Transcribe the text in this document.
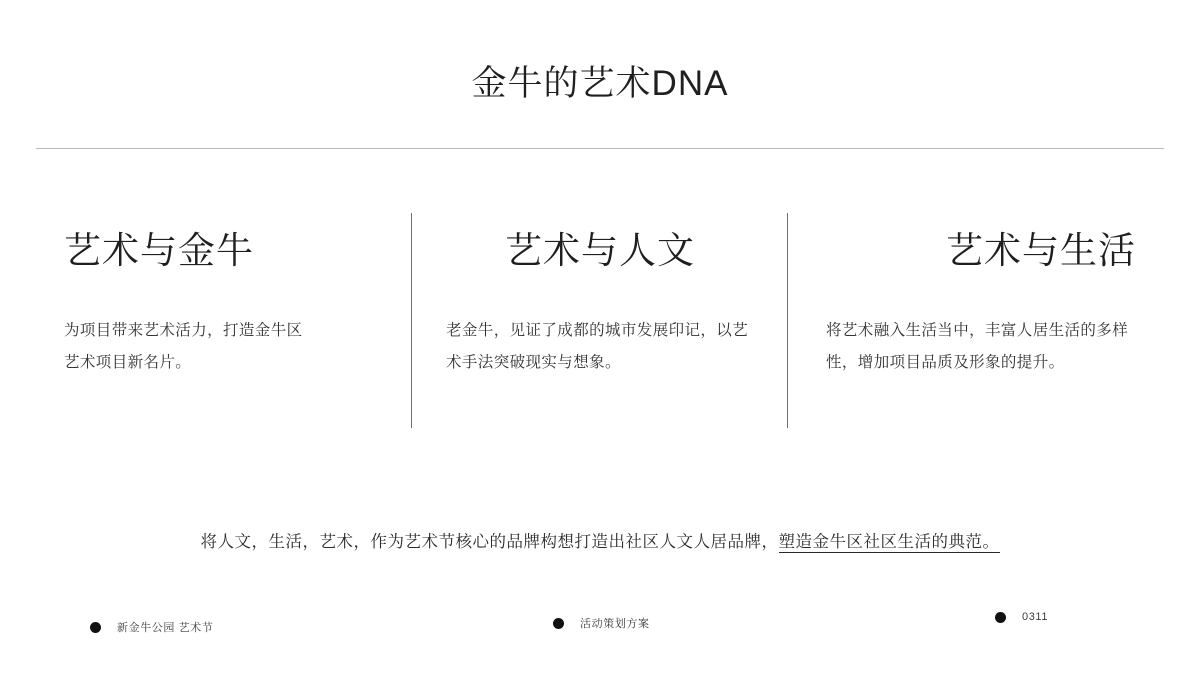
金牛的艺术DNA
艺术与金牛
为项目带来艺术活力，打造金牛区艺术项目新名片。
艺术与人文
老金牛，见证了成都的城市发展印记，以艺术手法突破现实与想象。
艺术与生活
将艺术融入生活当中，丰富人居生活的多样性，增加项目品质及形象的提升。
将人文，生活，艺术，作为艺术节核心的品牌构想打造出社区人文人居品牌，塑造金牛区社区生活的典范。
新金牛公园 艺术节	活动策划方案
0311
